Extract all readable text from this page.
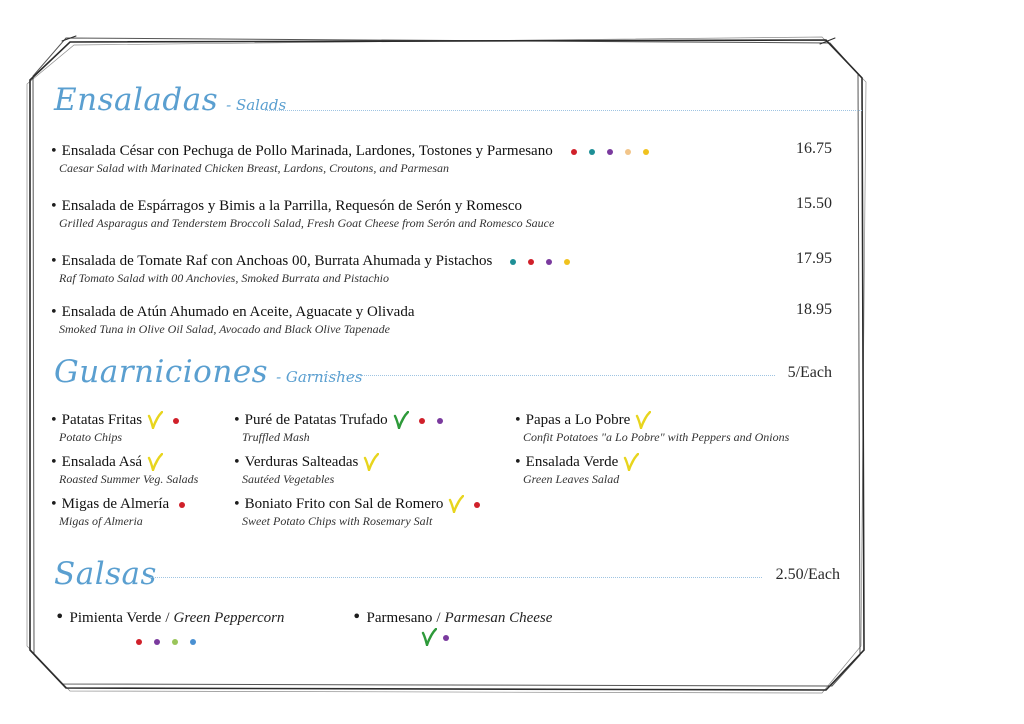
Ensaladas - Salads
• Ensalada César con Pechuga de Pollo Marinada, Lardones, Tostones y Parmesano
Caesar Salad with Marinated Chicken Breast, Lardons, Croutons, and Parmesan
16.75
• Ensalada de Espárragos y Bimis a la Parrilla, Requesón de Serón y Romesco
Grilled Asparagus and Tenderstem Broccoli Salad, Fresh Goat Cheese from Serón and Romesco Sauce
15.50
• Ensalada de Tomate Raf con Anchoas 00, Burrata Ahumada y Pistachos
Raf Tomato Salad with 00 Anchovies, Smoked Burrata and Pistachio
17.95
• Ensalada de Atún Ahumado en Aceite, Aguacate y Olivada
Smoked Tuna in Olive Oil Salad, Avocado and Black Olive Tapenade
18.95
Guarniciones - Garnishes	5/Each
• Patatas Fritas
Potato Chips
• Ensalada Asá
Roasted Summer Veg. Salads
• Migas de Almería
Migas of Almeria
• Puré de Patatas Trufado
Truffled Mash
• Verduras Salteadas
Sautéed Vegetables
• Boniato Frito con Sal de Romero
Sweet Potato Chips with Rosemary Salt
• Papas a Lo Pobre
Confit Potatoes "a Lo Pobre" with Peppers and Onions
• Ensalada Verde
Green Leaves Salad
Salsas	2.50/Each
• Pimienta Verde / Green Peppercorn	• Parmesano / Parmesan Cheese
